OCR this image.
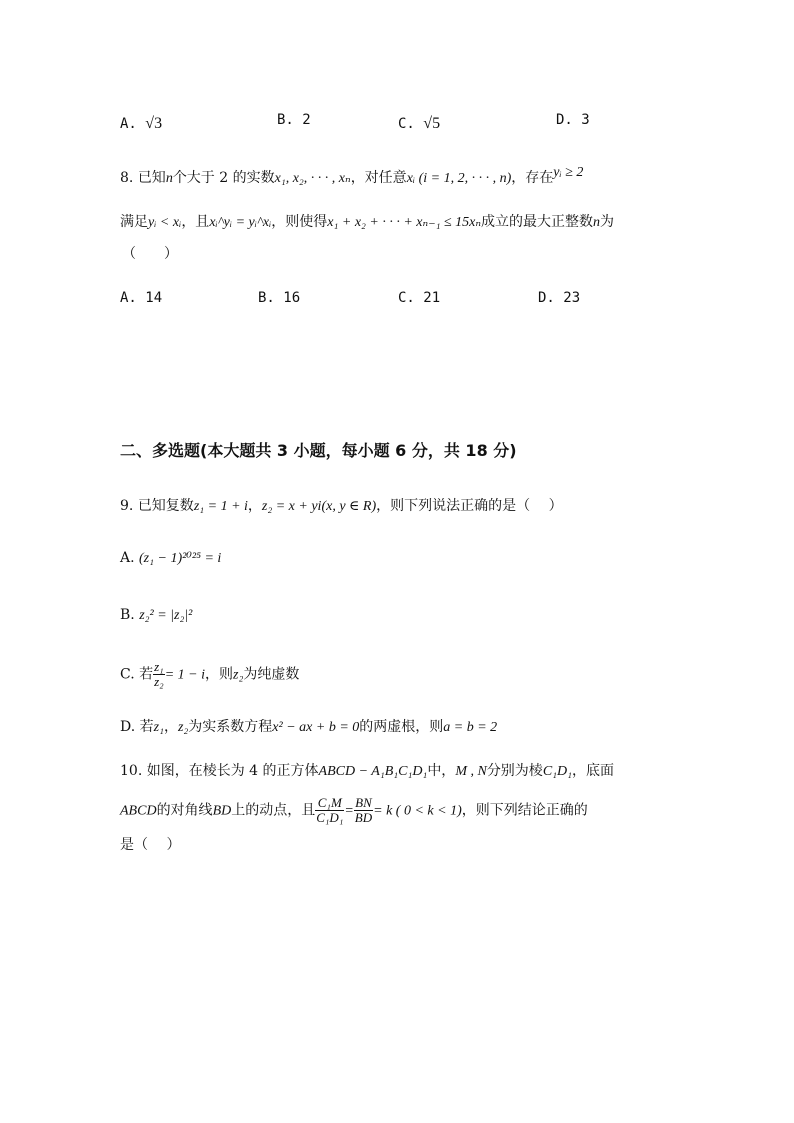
A. √3	B. 2	C. √5	D. 3
8. 已知n个大于 2 的实数x₁, x₂, · · · , xₙ，对任意xᵢ (i = 1, 2, · · · , n)，存在yᵢ ≥ 2
满足yᵢ < xᵢ，且xᵢ^yᵢ = yᵢ^xᵢ，则使得x₁ + x₂ + · · · + xₙ₋₁ ≤ 15xₙ成立的最大正整数n为
（　　）
A. 14	B. 16	C. 21	D. 23
二、多选题(本大题共 3 小题，每小题 6 分，共 18 分)
9. 已知复数z₁ = 1 + i，z₂ = x + yi(x, y ∈ R)，则下列说法正确的是（　 ）
A. (z₁ − 1)²⁰²⁵ = i
B. z₂² = |z₂|²
C. 若 $\frac{\text{z₁}}{\text{z₂}} = 1 - i$，则z₂为纯虚数
D. 若z₁，z₂为实系数方程x² − ax + b = 0的两虚根，则a = b = 2
10. 如图，在棱长为 4 的正方体ABCD − A₁B₁C₁D₁中，M , N分别为棱C₁D₁，底面
ABCD的对角线BD上的动点，且 $\frac{\text{C₁M}}{\text{C₁D₁}} = \frac{BN}{BD} = k$ ( 0 < k < 1)，则下列结论正确的
是（　 ）
